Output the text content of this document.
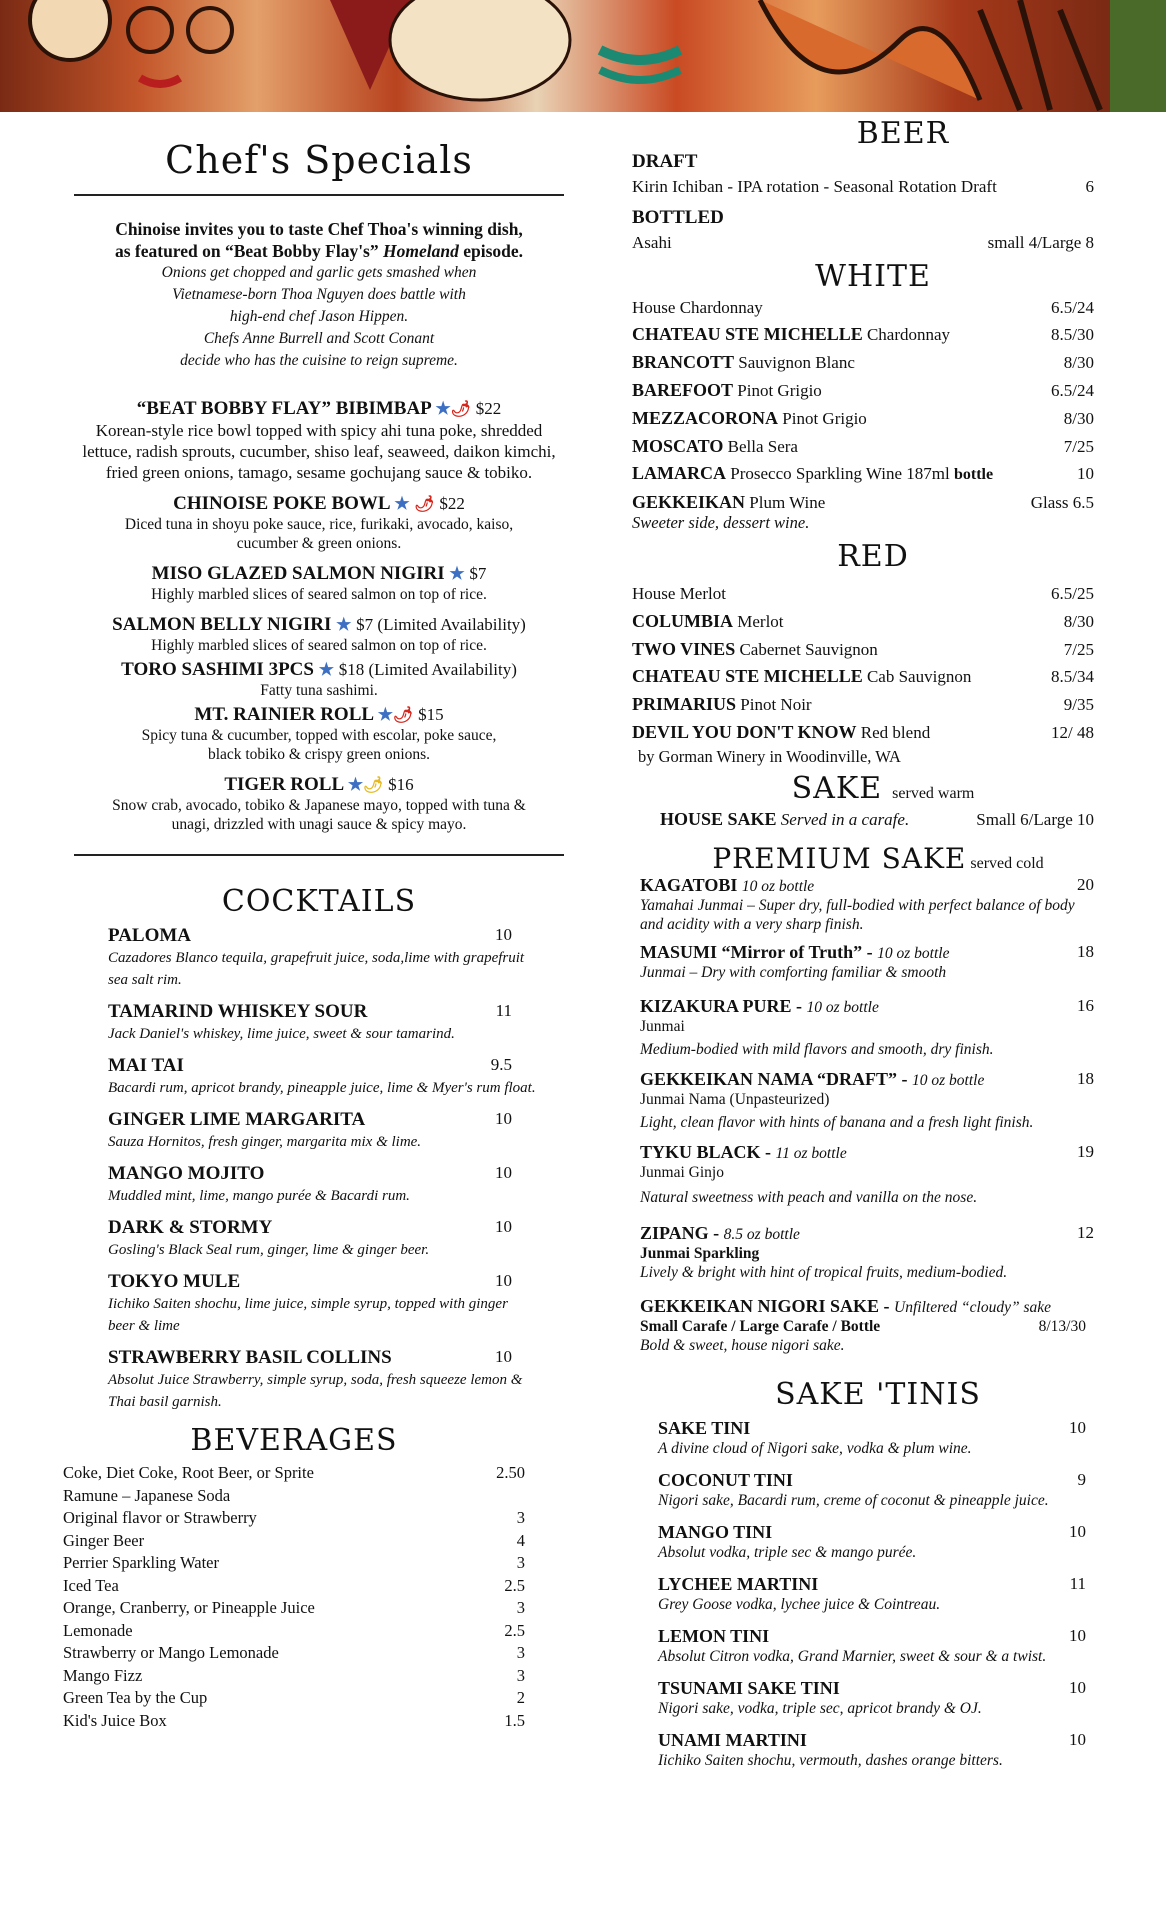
Chef's Specials
Chinoise invites you to taste Chef Thoa's winning dish,
as featured on “Beat Bobby Flay's” Homeland episode.
Onions get chopped and garlic gets smashed when
Vietnamese-born Thoa Nguyen does battle with
high-end chef Jason Hippen.
Chefs Anne Burrell and Scott Conant
decide who has the cuisine to reign supreme.
“BEAT BOBBY FLAY” BIBIMBAP ★🌶 $22
Korean-style rice bowl topped with spicy ahi tuna poke, shredded lettuce, radish sprouts, cucumber, shiso leaf, seaweed, daikon kimchi, fried green onions, tamago, sesame gochujang sauce & tobiko.
CHINOISE POKE BOWL ★ 🌶 $22
Diced tuna in shoyu poke sauce, rice, furikaki, avocado, kaiso, cucumber & green onions.
MISO GLAZED SALMON NIGIRI ★ $7
Highly marbled slices of seared salmon on top of rice.
SALMON BELLY NIGIRI ★ $7 (Limited Availability)
Highly marbled slices of seared salmon on top of rice.
TORO SASHIMI 3PCS ★ $18 (Limited Availability)
Fatty tuna sashimi.
MT. RAINIER ROLL ★🌶 $15
Spicy tuna & cucumber, topped with escolar, poke sauce, black tobiko & crispy green onions.
TIGER ROLL ★🌶 $16
Snow crab, avocado, tobiko & Japanese mayo, topped with tuna & unagi, drizzled with unagi sauce & spicy mayo.
COCKTAILS
PALOMA	10
Cazadores Blanco tequila, grapefruit juice, soda,lime with grapefruit sea salt rim.
TAMARIND WHISKEY SOUR	11
Jack Daniel's whiskey, lime juice, sweet & sour tamarind.
MAI TAI	9.5
Bacardi rum, apricot brandy, pineapple juice, lime & Myer's rum float.
GINGER LIME MARGARITA	10
Sauza Hornitos, fresh ginger, margarita mix & lime.
MANGO MOJITO	10
Muddled mint, lime, mango purée & Bacardi rum.
DARK & STORMY	10
Gosling's Black Seal rum, ginger, lime & ginger beer.
TOKYO MULE	10
Iichiko Saiten shochu, lime juice, simple syrup, topped with ginger beer & lime
STRAWBERRY BASIL COLLINS	10
Absolut Juice Strawberry, simple syrup, soda, fresh squeeze lemon & Thai basil garnish.
BEVERAGES
Coke, Diet Coke, Root Beer, or Sprite	2.50
Ramune – Japanese Soda
Original flavor or Strawberry	3
Ginger Beer	4
Perrier Sparkling Water	3
Iced Tea	2.5
Orange, Cranberry, or Pineapple Juice	3
Lemonade	2.5
Strawberry or Mango Lemonade	3
Mango Fizz	3
Green Tea by the Cup	2
Kid's Juice Box	1.5
BEER
DRAFT
Kirin Ichiban - IPA rotation - Seasonal Rotation Draft	6
BOTTLED
Asahi	small 4/Large 8
WHITE
House Chardonnay	6.5/24
CHATEAU STE MICHELLE Chardonnay	8.5/30
BRANCOTT Sauvignon Blanc	8/30
BAREFOOT Pinot Grigio	6.5/24
MEZZACORONA Pinot Grigio	8/30
MOSCATO Bella Sera	7/25
LAMARCA Prosecco Sparkling Wine 187ml bottle	10
GEKKEIKAN Plum Wine	Glass 6.5
Sweeter side, dessert wine.
RED
House Merlot	6.5/25
COLUMBIA Merlot	8/30
TWO VINES Cabernet Sauvignon	7/25
CHATEAU STE MICHELLE Cab Sauvignon	8.5/34
PRIMARIUS Pinot Noir	9/35
DEVIL YOU DON'T KNOW Red blend	12/ 48
by Gorman Winery in Woodinville, WA
SAKE served warm
HOUSE SAKE Served in a carafe.	Small 6/Large 10
PREMIUM SAKE served cold
KAGATOBI 10 oz bottle	20
Yamahai Junmai – Super dry, full-bodied with perfect balance of body and acidity with a very sharp finish.
MASUMI “Mirror of Truth” - 10 oz bottle	18
Junmai – Dry with comforting familiar & smooth
KIZAKURA PURE - 10 oz bottle	16
Junmai
Medium-bodied with mild flavors and smooth, dry finish.
GEKKEIKAN NAMA “DRAFT” - 10 oz bottle	18
Junmai Nama (Unpasteurized)
Light, clean flavor with hints of banana and a fresh light finish.
TYKU BLACK - 11 oz bottle	19
Junmai Ginjo
Natural sweetness with peach and vanilla on the nose.
ZIPANG - 8.5 oz bottle	12
Junmai Sparkling
Lively & bright with hint of tropical fruits, medium-bodied.
GEKKEIKAN NIGORI SAKE - Unfiltered “cloudy” sake
Small Carafe / Large Carafe / Bottle	8/13/30
Bold & sweet, house nigori sake.
SAKE 'TINIS
SAKE TINI	10
A divine cloud of Nigori sake, vodka & plum wine.
COCONUT TINI	9
Nigori sake, Bacardi rum, creme of coconut & pineapple juice.
MANGO TINI	10
Absolut vodka, triple sec & mango purée.
LYCHEE MARTINI	11
Grey Goose vodka, lychee juice & Cointreau.
LEMON TINI	10
Absolut Citron vodka, Grand Marnier, sweet & sour & a twist.
TSUNAMI SAKE TINI	10
Nigori sake, vodka, triple sec, apricot brandy & OJ.
UNAMI MARTINI	10
Iichiko Saiten shochu, vermouth, dashes orange bitters.
